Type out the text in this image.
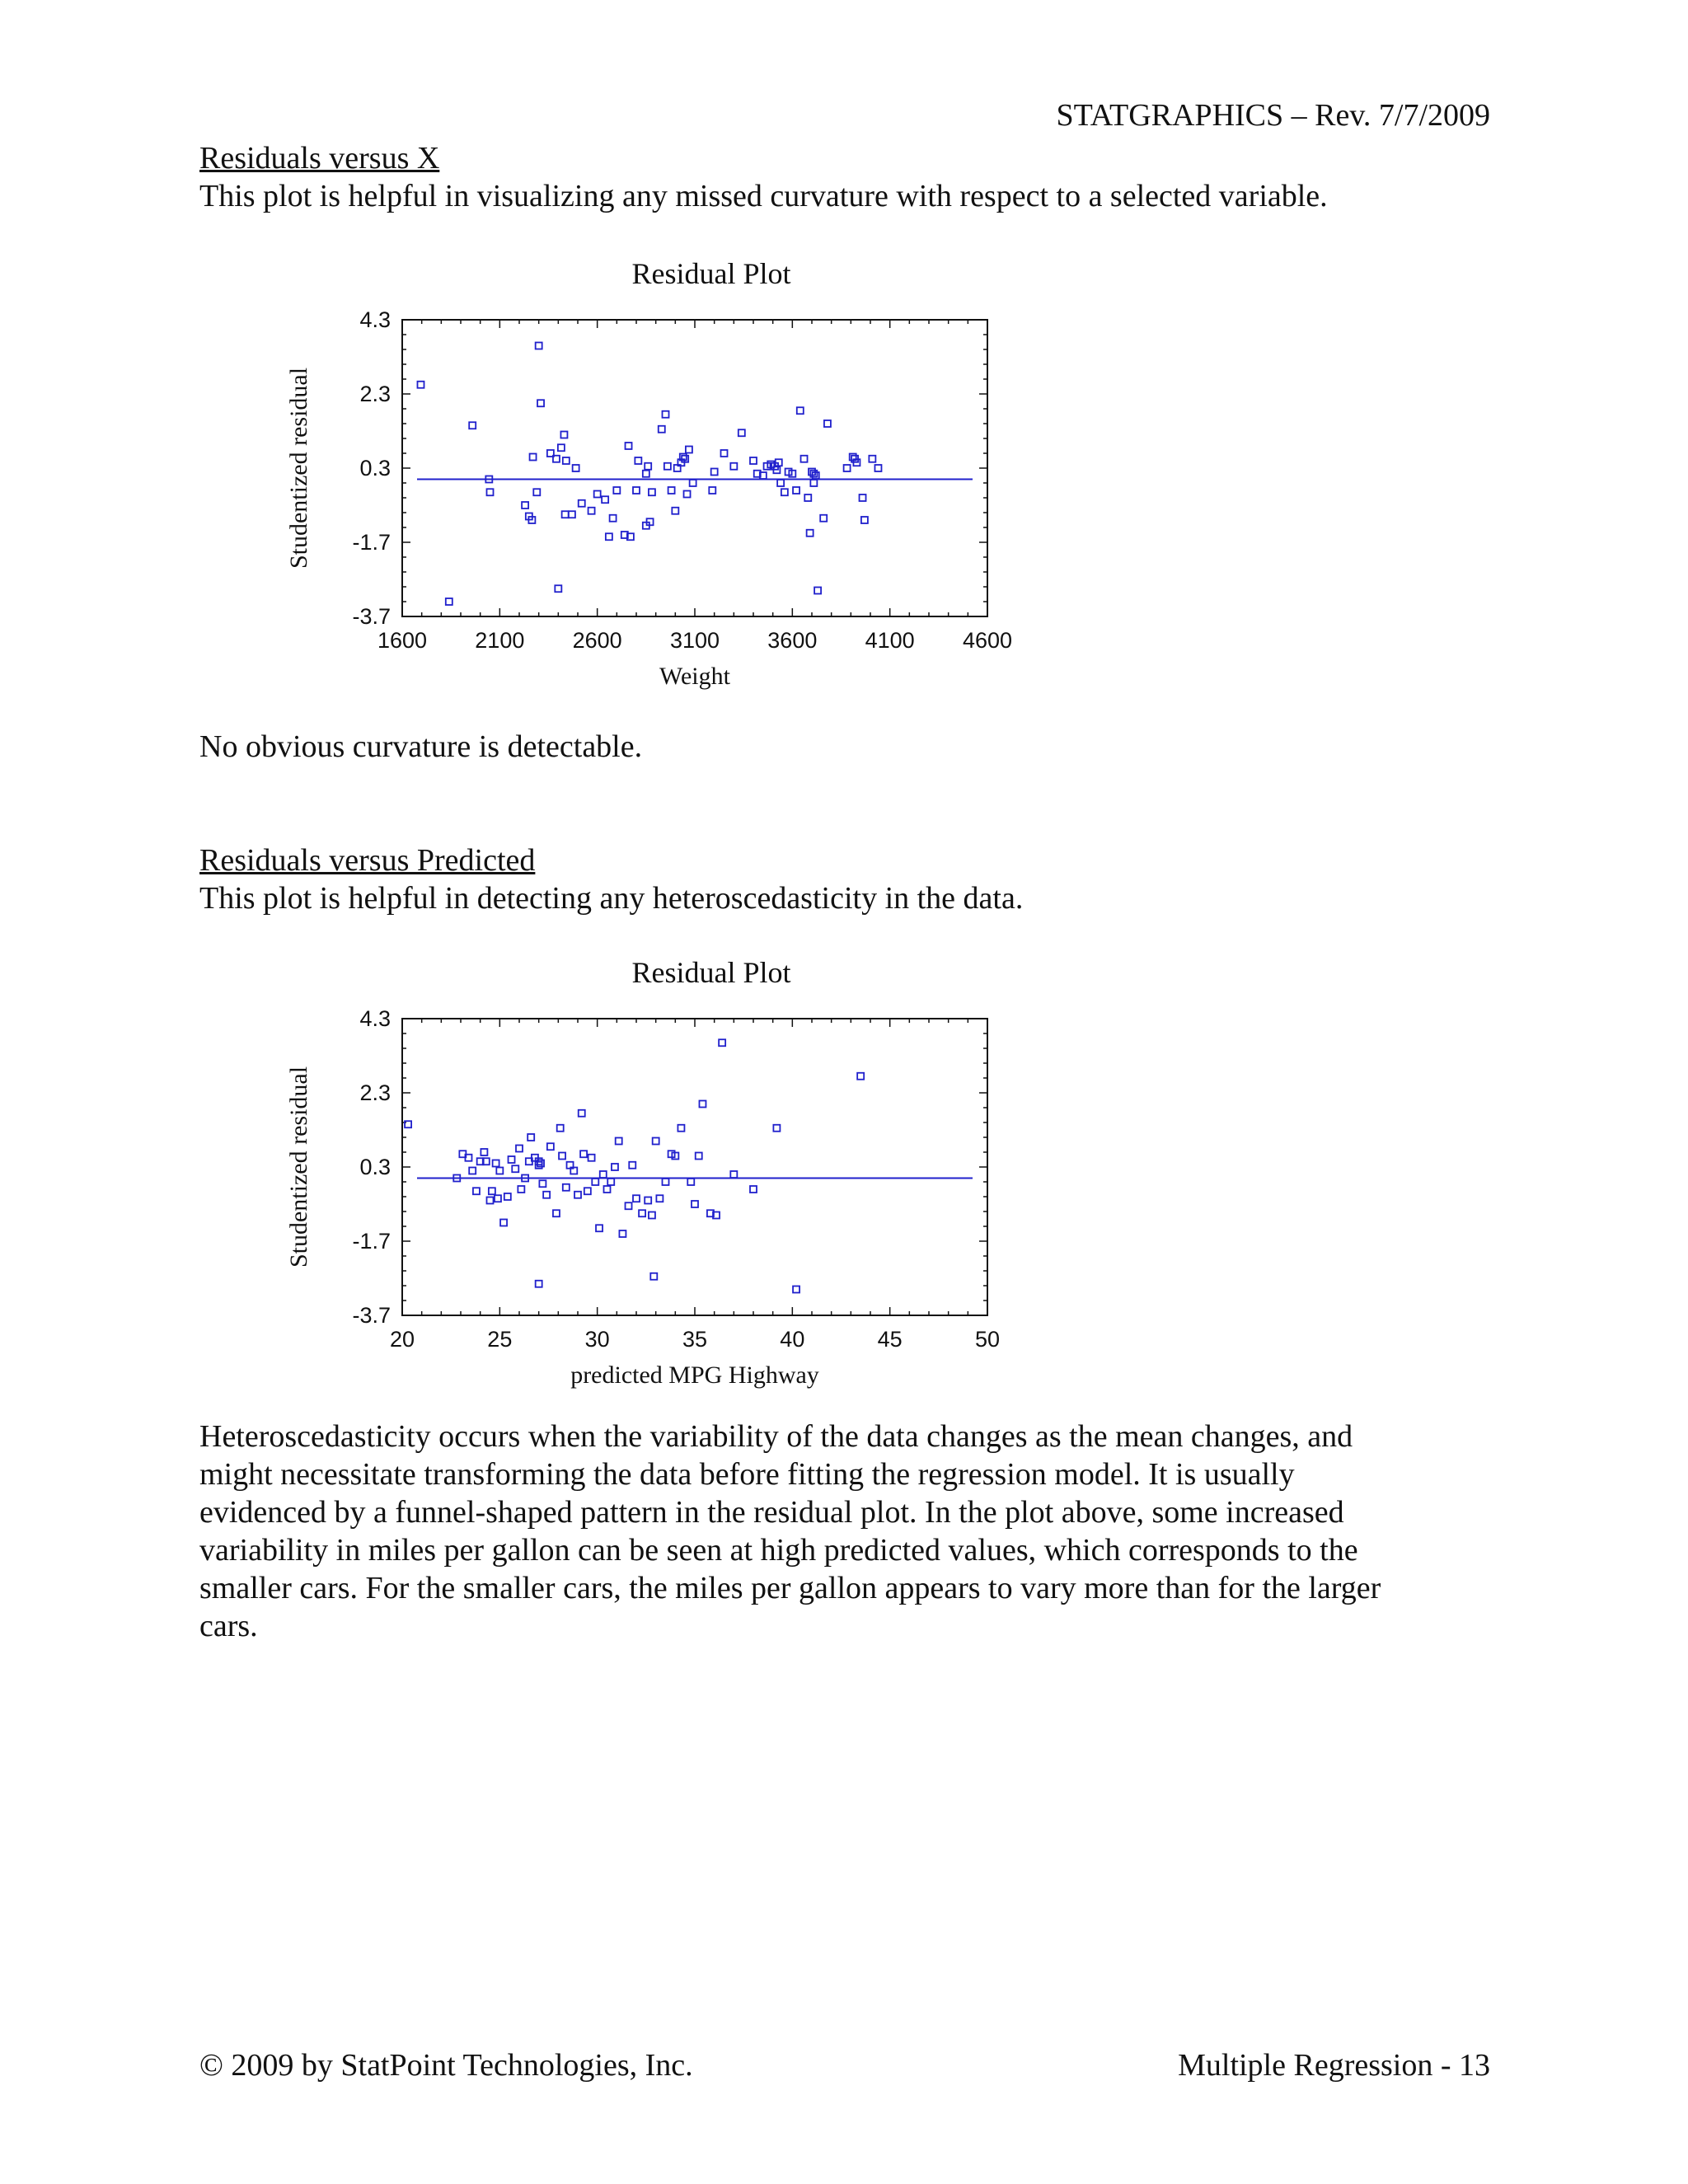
STATGRAPHICS – Rev. 7/7/2009
Residuals versus X
This plot is helpful in visualizing any missed curvature with respect to a selected variable.
Residual Plot
1600 2100 2600 3100 3600 4100 4600
4.3
2.3
0.3
-1.7
-3.7
Weight
Studentized residual
No obvious curvature is detectable.
Residuals versus Predicted
This plot is helpful in detecting any heteroscedasticity in the data.
Residual Plot
20	25	30	35	40	45	50
4.3
2.3
0.3
-1.7
-3.7
predicted MPG Highway
Studentized residual
Heteroscedasticity occurs when the variability of the data changes as the mean changes, and
might necessitate transforming the data before fitting the regression model. It is usually
evidenced by a funnel-shaped pattern in the residual plot. In the plot above, some increased
variability in miles per gallon can be seen at high predicted values, which corresponds to the
smaller cars. For the smaller cars, the miles per gallon appears to vary more than for the larger
cars.
© 2009 by StatPoint Technologies, Inc.	Multiple Regression - 13
